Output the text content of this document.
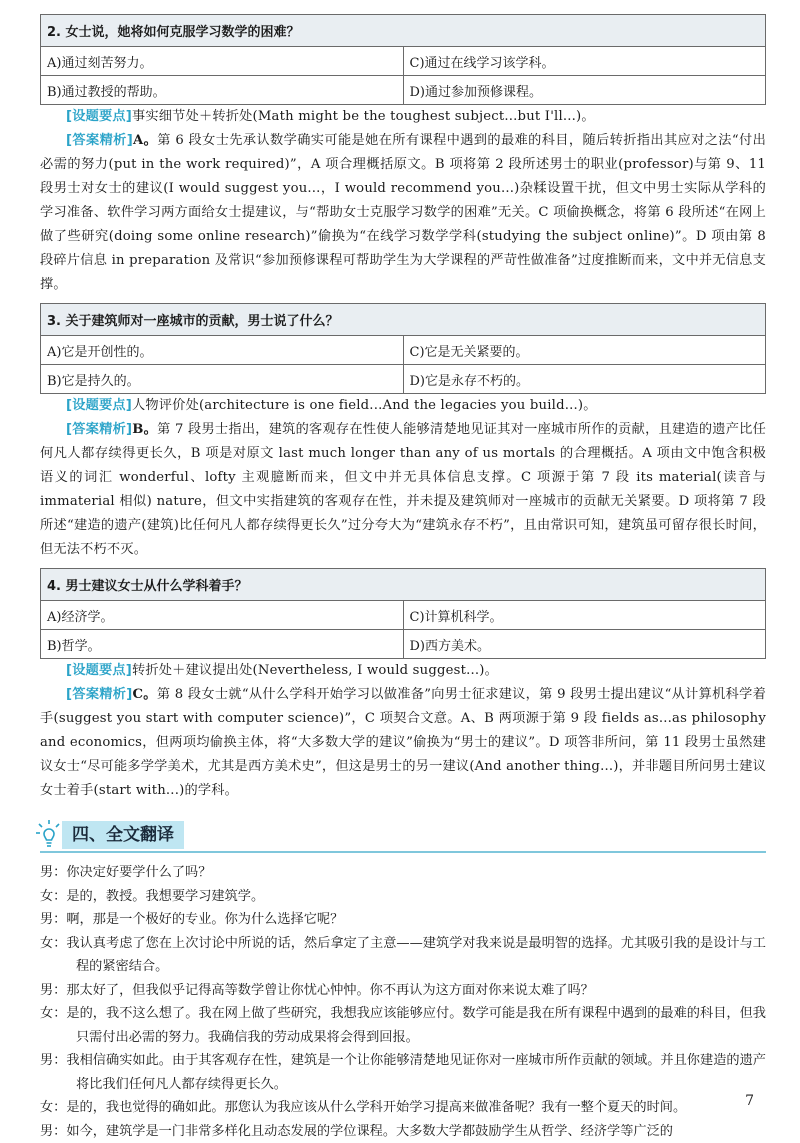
2. 女士说，她将如何克服学习数学的困难？	
A)通过刻苦努力。	C)通过在线学习该学科。
B)通过教授的帮助。	D)通过参加预修课程。

[设题要点]事实细节处＋转折处(Math might be the toughest subject...but I'll...)。

[答案精析]A。第 6 段女士先承认数学确实可能是她在所有课程中遇到的最难的科目，随后转折指出其应对之法“付出必需的努力(put in the work required)”，A 项合理概括原文。B 项将第 2 段所述男士的职业(professor)与第 9、11 段男士对女士的建议(I would suggest you...，I would recommend you...)杂糅设置干扰，但文中男士实际从学科的学习准备、软件学习两方面给女士提建议，与“帮助女士克服学习数学的困难”无关。C 项偷换概念，将第 6 段所述“在网上做了些研究(doing some online research)”偷换为“在线学习数学学科(studying the subject online)”。D 项由第 8 段碎片信息 in preparation 及常识“参加预修课程可帮助学生为大学课程的严苛性做准备”过度推断而来，文中并无信息支撑。

3. 关于建筑师对一座城市的贡献，男士说了什么？	
A)它是开创性的。	C)它是无关紧要的。
B)它是持久的。	D)它是永存不朽的。

[设题要点]人物评价处(architecture is one field...And the legacies you build...)。

[答案精析]B。第 7 段男士指出，建筑的客观存在性使人能够清楚地见证其对一座城市所作的贡献，且建造的遗产比任何凡人都存续得更长久，B 项是对原文 last much longer than any of us mortals 的合理概括。A 项由文中饱含积极语义的词汇 wonderful、lofty 主观臆断而来，但文中并无具体信息支撑。C 项源于第 7 段 its material(读音与 immaterial 相似) nature，但文中实指建筑的客观存在性，并未提及建筑师对一座城市的贡献无关紧要。D 项将第 7 段所述“建造的遗产(建筑)比任何凡人都存续得更长久”过分夸大为“建筑永存不朽”，且由常识可知，建筑虽可留存很长时间，但无法不朽不灭。

4. 男士建议女士从什么学科着手？	
A)经济学。	C)计算机科学。
B)哲学。	D)西方美术。

[设题要点]转折处＋建议提出处(Nevertheless, I would suggest...)。

[答案精析]C。第 8 段女士就“从什么学科开始学习以做准备”向男士征求建议，第 9 段男士提出建议“从计算机科学着手(suggest you start with computer science)”，C 项契合文意。A、B 两项源于第 9 段 fields as...as philosophy and economics，但两项均偷换主体，将“大多数大学的建议”偷换为“男士的建议”。D 项答非所问，第 11 段男士虽然建议女士“尽可能多学学美术，尤其是西方美术史”，但这是男士的另一建议(And another thing...)，并非题目所问男士建议女士着手(start with...)的学科。

四、全文翻译
男：你决定好要学什么了吗？
女：是的，教授。我想要学习建筑学。
男：啊，那是一个极好的专业。你为什么选择它呢？
女：我认真考虑了您在上次讨论中所说的话，然后拿定了主意——建筑学对我来说是最明智的选择。尤其吸引我的是设计与工程的紧密结合。
男：那太好了，但我似乎记得高等数学曾让你忧心忡忡。你不再认为这方面对你来说太难了吗？
女：是的，我不这么想了。我在网上做了些研究，我想我应该能够应付。数学可能是我在所有课程中遇到的最难的科目，但我只需付出必需的努力。我确信我的劳动成果将会得到回报。
男：我相信确实如此。由于其客观存在性，建筑是一个让你能够清楚地见证你对一座城市所作贡献的领域。并且你建造的遗产将比我们任何凡人都存续得更长久。
女：是的，我也觉得的确如此。那您认为我应该从什么学科开始学习提高来做准备呢？我有一整个夏天的时间。
男：如今，建筑学是一门非常多样化且动态发展的学位课程。大多数大学都鼓励学生从哲学、经济学等广泛的
7
